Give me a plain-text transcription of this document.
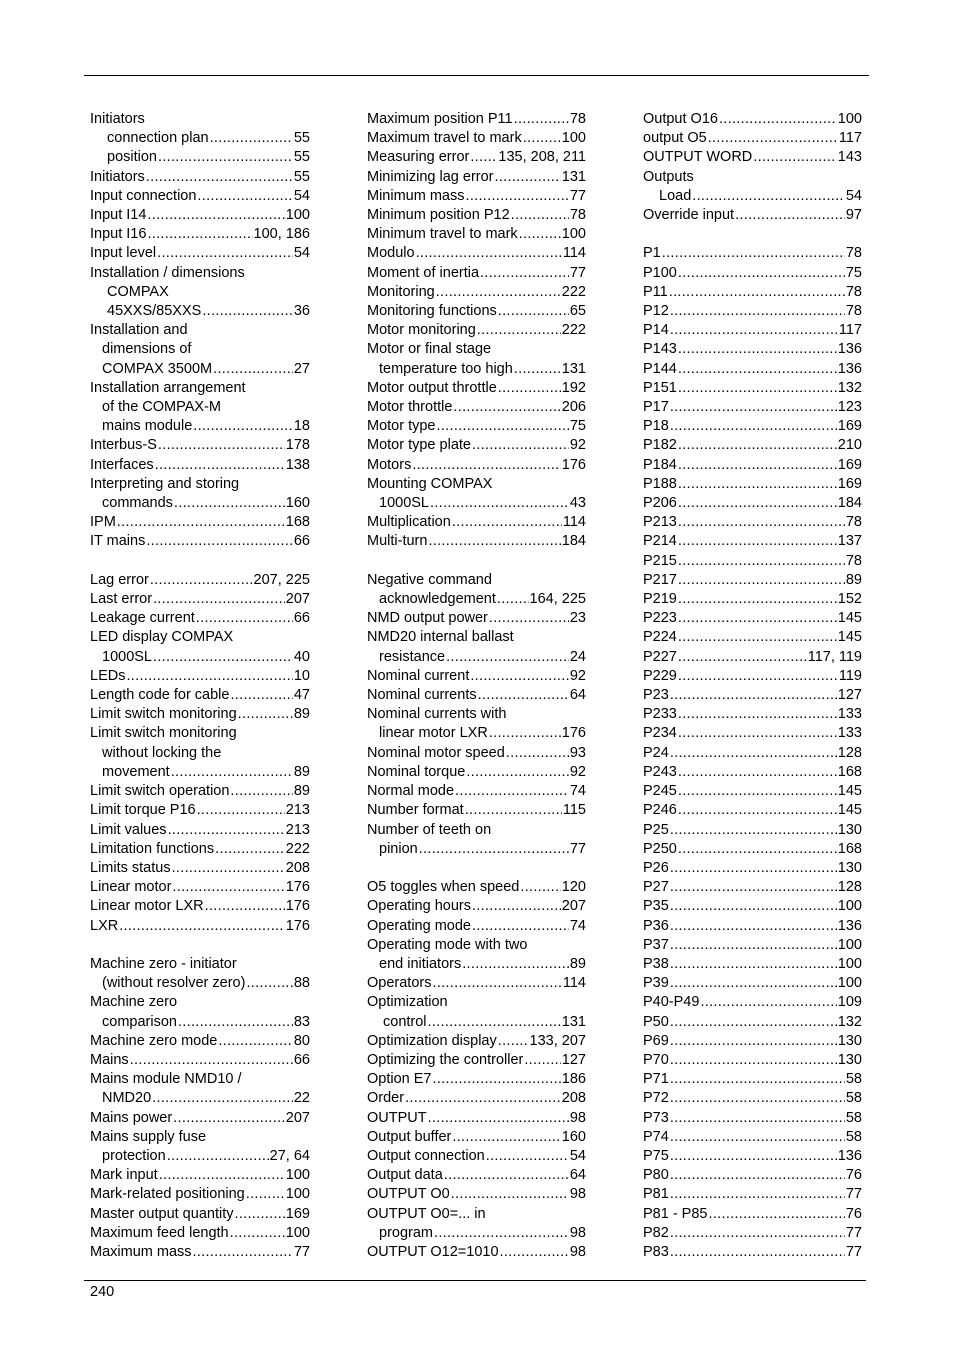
Initiators
connection plan .....	55
position .....	55
Initiators .....	55
Input connection .....	54
Input I14 .....	100
Input I16 .....	100, 186
Input level .....	54
Installation / dimensions
COMPAX
45XXS/85XXS .....	36
Installation and
dimensions of
COMPAX 3500M .....	27
Installation arrangement
of the COMPAX-M
mains module .....	18
Interbus-S .....	178
Interfaces .....	138
Interpreting and storing
commands .....	160
IPM .....	168
IT mains .....	66
Lag error .....	207, 225
Last error .....	207
Leakage current .....	66
LED display COMPAX
1000SL .....	40
LEDs .....	10
Length code for cable .....	47
Limit switch monitoring .....	89
Limit switch monitoring
without locking the
movement .....	89
Limit switch operation .....	89
Limit torque P16 .....	213
Limit values .....	213
Limitation functions .....	222
Limits status .....	208
Linear motor .....	176
Linear motor LXR .....	176
LXR .....	176
Machine zero - initiator
(without resolver zero) .....	88
Machine zero
comparison .....	83
Machine zero mode .....	80
Mains .....	66
Mains module NMD10 /
NMD20 .....	22
Mains power .....	207
Mains supply fuse
protection .....	27, 64
Mark input .....	100
Mark-related positioning .....	100
Master output quantity .....	169
Maximum feed length .....	100
Maximum mass .....	77
Maximum position P11 .....	78
Maximum travel to mark .....	100
Measuring error ..... 135, 208, 211
Minimizing lag error .....	131
Minimum mass .....	77
Minimum position P12 .....	78
Minimum travel to mark .....	100
Modulo .....	114
Moment of inertia .....	77
Monitoring .....	222
Monitoring functions .....	65
Motor monitoring .....	222
Motor or final stage
temperature too high .....	131
Motor output throttle .....	192
Motor throttle .....	206
Motor type .....	75
Motor type plate .....	92
Motors .....	176
Mounting COMPAX
1000SL .....	43
Multiplication .....	114
Multi-turn .....	184
Negative command
acknowledgement ..... 164, 225
NMD output power .....	23
NMD20 internal ballast
resistance .....	24
Nominal current .....	92
Nominal currents .....	64
Nominal currents with
linear motor LXR .....	176
Nominal motor speed .....	93
Nominal torque .....	92
Normal mode .....	74
Number format .....	115
Number of teeth on
pinion .....	77
O5 toggles when speed .....	120
Operating hours .....	207
Operating mode .....	74
Operating mode with two
end initiators .....	89
Operators .....	114
Optimization
control .....	131
Optimization display ..... 133, 207
Optimizing the controller .....	127
Option E7 .....	186
Order .....	208
OUTPUT .....	98
Output buffer .....	160
Output connection .....	54
Output data .....	64
OUTPUT O0 .....	98
OUTPUT O0=... in
program .....	98
OUTPUT O12=1010 .....	98
Output O16 .....	100
output O5 .....	117
OUTPUT WORD .....	143
Outputs
Load .....	54
Override input .....	97
P1 .....	78
P100 .....	75
P11 .....	78
P12 .....	78
P14 .....	117
P143 .....	136
P144 .....	136
P151 .....	132
P17 .....	123
P18 .....	169
P182 .....	210
P184 .....	169
P188 .....	169
P206 .....	184
P213 .....	78
P214 .....	137
P215 .....	78
P217 .....	89
P219 .....	152
P223 .....	145
P224 .....	145
P227 .....	117, 119
P229 .....	119
P23 .....	127
P233 .....	133
P234 .....	133
P24 .....	128
P243 .....	168
P245 .....	145
P246 .....	145
P25 .....	130
P250 .....	168
P26 .....	130
P27 .....	128
P35 .....	100
P36 .....	136
P37 .....	100
P38 .....	100
P39 .....	100
P40-P49 .....	109
P50 .....	132
P69 .....	130
P70 .....	130
P71 .....	58
P72 .....	58
P73 .....	58
P74 .....	58
P75 .....	136
P80 .....	76
P81 .....	77
P81 - P85 .....	76
P82 .....	77
P83 .....	77
240
